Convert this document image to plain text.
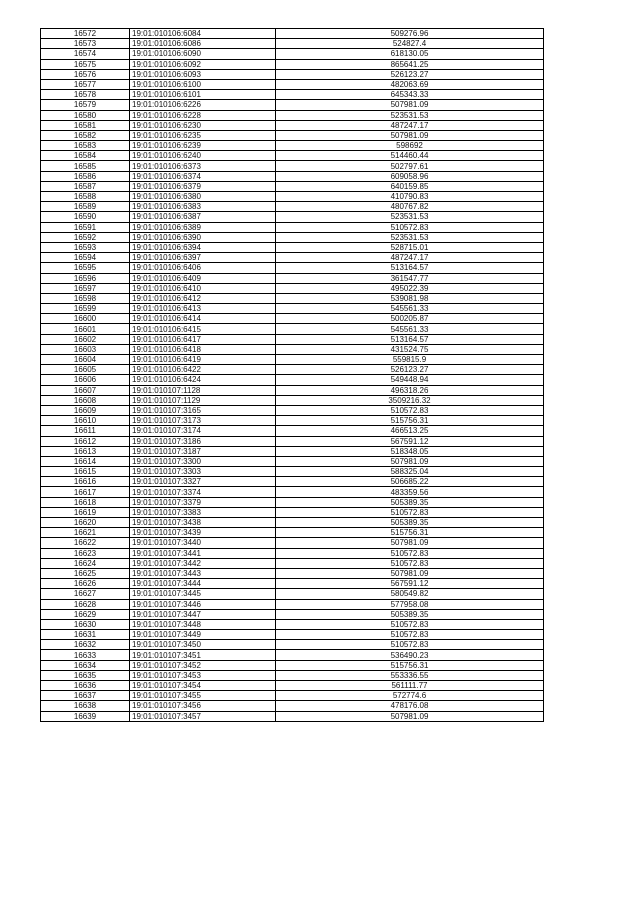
16572	19:01:010106:6084	509276.96
16573	19:01:010106:6086	524827.4
16574	19:01:010106:6090	618130.05
16575	19:01:010106:6092	865641.25
16576	19:01:010106:6093	526123.27
16577	19:01:010106:6100	482063.69
16578	19:01:010106:6101	645343.33
16579	19:01:010106:6226	507981.09
16580	19:01:010106:6228	523531.53
16581	19:01:010106:6230	487247.17
16582	19:01:010106:6235	507981.09
16583	19:01:010106:6239	598692
16584	19:01:010106:6240	514460.44
16585	19:01:010106:6373	502797.61
16586	19:01:010106:6374	609058.96
16587	19:01:010106:6379	640159.85
16588	19:01:010106:6380	410790.83
16589	19:01:010106:6383	480767.82
16590	19:01:010106:6387	523531.53
16591	19:01:010106:6389	510572.83
16592	19:01:010106:6390	523531.53
16593	19:01:010106:6394	528715.01
16594	19:01:010106:6397	487247.17
16595	19:01:010106:6406	513164.57
16596	19:01:010106:6409	361547.77
16597	19:01:010106:6410	495022.39
16598	19:01:010106:6412	539081.98
16599	19:01:010106:6413	545561.33
16600	19:01:010106:6414	500205.87
16601	19:01:010106:6415	545561.33
16602	19:01:010106:6417	513164.57
16603	19:01:010106:6418	431524.75
16604	19:01:010106:6419	559815.9
16605	19:01:010106:6422	526123.27
16606	19:01:010106:6424	549448.94
16607	19:01:010107:1128	496318.26
16608	19:01:010107:1129	3509216.32
16609	19:01:010107:3165	510572.83
16610	19:01:010107:3173	515756.31
16611	19:01:010107:3174	466513.25
16612	19:01:010107:3186	567591.12
16613	19:01:010107:3187	518348.05
16614	19:01:010107:3300	507981.09
16615	19:01:010107:3303	588325.04
16616	19:01:010107:3327	506685.22
16617	19:01:010107:3374	483359.56
16618	19:01:010107:3379	505389.35
16619	19:01:010107:3383	510572.83
16620	19:01:010107:3438	505389.35
16621	19:01:010107:3439	515756.31
16622	19:01:010107:3440	507981.09
16623	19:01:010107:3441	510572.83
16624	19:01:010107:3442	510572.83
16625	19:01:010107:3443	507981.09
16626	19:01:010107:3444	567591.12
16627	19:01:010107:3445	580549.82
16628	19:01:010107:3446	577958.08
16629	19:01:010107:3447	505389.35
16630	19:01:010107:3448	510572.83
16631	19:01:010107:3449	510572.83
16632	19:01:010107:3450	510572.83
16633	19:01:010107:3451	536490.23
16634	19:01:010107:3452	515756.31
16635	19:01:010107:3453	553336.55
16636	19:01:010107:3454	561111.77
16637	19:01:010107:3455	572774.6
16638	19:01:010107:3456	478176.08
16639	19:01:010107:3457	507981.09
